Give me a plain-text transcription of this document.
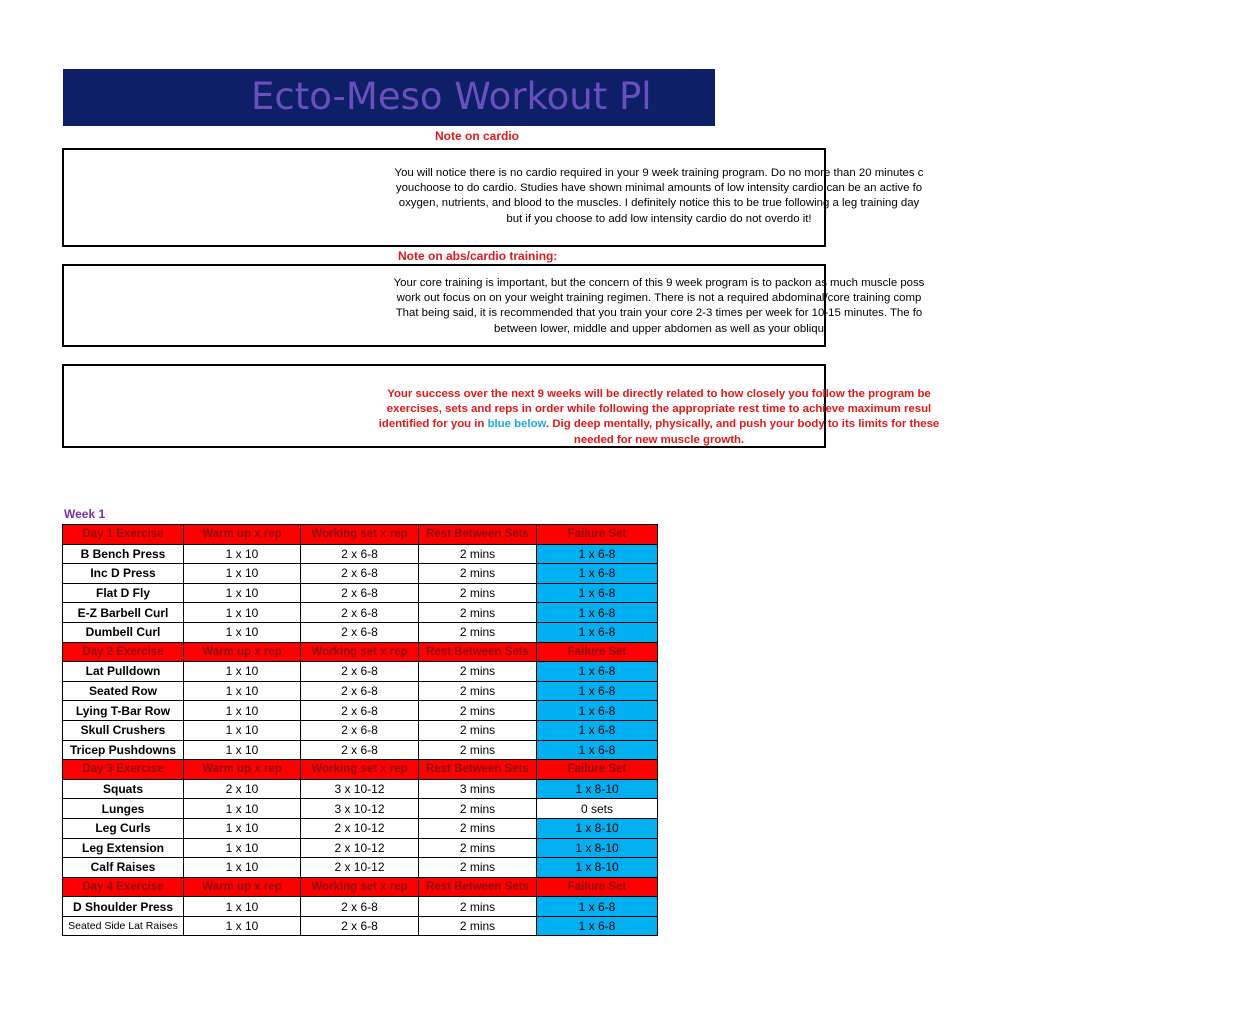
Ecto-Meso Workout Pl
Note on cardio
You will notice there is no cardio required in your 9 week training program. Do no more than 20 minutes c
youchoose to do cardio. Studies have shown minimal amounts of low intensity cardio can be an active fo
oxygen, nutrients, and blood to the muscles. I definitely notice this to be true following a leg training day
but if you choose to add low intensity cardio do not overdo it!
Note on abs/cardio training:
Your core training is important, but the concern of this 9 week program is to packon as much muscle poss
work out focus on on your weight training regimen. There is not a required abdominal/core training comp
That being said, it is recommended that you train your core 2-3 times per week for 10-15 minutes. The fo
between lower, middle and upper abdomen as well as your obliqu
Your success over the next 9 weeks will be directly related to how closely you follow the program be
exercises, sets and reps in order while following the appropriate rest time to achieve maximum resul
identified for you in blue below. Dig deep mentally, physically, and push your body to its limits for these
needed for new muscle growth.
Week 1
Day 1 Exercise	Warm up x rep	Working set x rep	Rest Between Sets	Failure Set
B Bench Press	1 x 10	2 x 6-8	2 mins	1 x 6-8
Inc D Press	1 x 10	2 x 6-8	2 mins	1 x 6-8
Flat D Fly	1 x 10	2 x 6-8	2 mins	1 x 6-8
E-Z Barbell Curl	1 x 10	2 x 6-8	2 mins	1 x 6-8
Dumbell Curl	1 x 10	2 x 6-8	2 mins	1 x 6-8
Day 2 Exercise	Warm up x rep	Working set x rep	Rest Between Sets	Failure Set
Lat Pulldown	1 x 10	2 x 6-8	2 mins	1 x 6-8
Seated Row	1 x 10	2 x 6-8	2 mins	1 x 6-8
Lying T-Bar Row	1 x 10	2 x 6-8	2 mins	1 x 6-8
Skull Crushers	1 x 10	2 x 6-8	2 mins	1 x 6-8
Tricep Pushdowns	1 x 10	2 x 6-8	2 mins	1 x 6-8
Day 3 Exercise	Warm up x rep	Working set x rep	Rest Between Sets	Failure Set
Squats	2 x 10	3 x 10-12	3 mins	1 x 8-10
Lunges	1 x 10	3 x 10-12	2 mins	0 sets
Leg Curls	1 x 10	2 x 10-12	2 mins	1 x 8-10
Leg Extension	1 x 10	2 x 10-12	2 mins	1 x 8-10
Calf Raises	1 x 10	2 x 10-12	2 mins	1 x 8-10
Day 4 Exercise	Warm up x rep	Working set x rep	Rest Between Sets	Failure Set
D Shoulder Press	1 x 10	2 x 6-8	2 mins	1 x 6-8
Seated Side Lat Raises	1 x 10	2 x 6-8	2 mins	1 x 6-8
